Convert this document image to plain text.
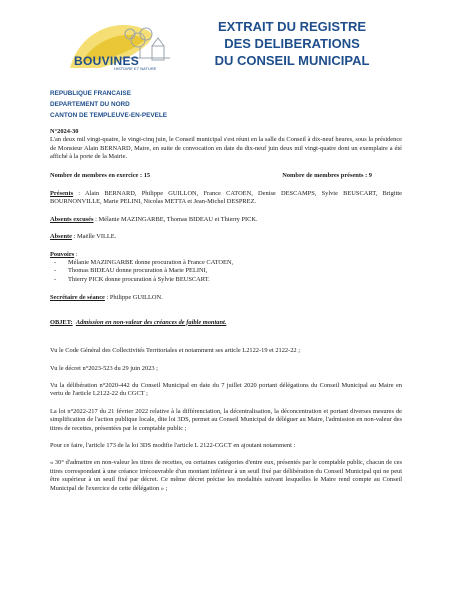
BOUVINES
HISTOIRE ET NATURE
EXTRAIT DU REGISTRE
DES DELIBERATIONS
DU CONSEIL MUNICIPAL
REPUBLIQUE FRANCAISE
DEPARTEMENT DU NORD
CANTON DE TEMPLEUVE-EN-PEVELE

N°2024-30

L'an deux mil vingt-quatre, le vingt-cinq juin, le Conseil municipal s'est réuni en la salle du Conseil à dix-neuf heures, sous la présidence de Monsieur Alain BERNARD, Maire, en suite de convocation en date du dix-neuf juin deux mil vingt-quatre dont un exemplaire a été affiché à la porte de la Mairie.

Nombre de membres en exercice : 15	Nombre de membres présents : 9

Présents : Alain BERNARD, Philippe GUILLON, France CATOEN, Denise DESCAMPS, Sylvie BEUSCART, Brigitte BOURNONVILLE, Marie PELINI, Nicolas METTA et Jean-Michel DESPREZ.

Absents excusés : Mélanie MAZINGARBE, Thomas BIDEAU et Thierry PICK.

Absente : Maëlle VILLE.

Pouvoirs :

- Mélanie MAZINGARBE donne procuration à France CATOEN,
- Thomas BIDEAU donne procuration à Marie PELINI,
- Thierry PICK donne procuration à Sylvie BEUSCART.

Secrétaire de séance : Philippe GUILLON.

OBJET: Admission en non-valeur des créances de faible montant.

Vu le Code Général des Collectivités Territoriales et notamment ses article L2122-19 et 2122-22 ;

Vu le décret n°2023-523 du 29 juin 2023 ;

Vu la délibération n°2020-442 du Conseil Municipal en date du 7 juillet 2020 portant délégations du Conseil Municipal au Maire en vertu de l'article L2122-22 du CGCT ;

La loi n°2022-217 du 21 février 2022 relative à la différenciation, la décentralisation, la déconcentration et portant diverses mesures de simplification de l'action publique locale, dite loi 3DS, permet au Conseil Municipal de déléguer au Maire, l'admission en non-valeur des titres de recettes, présentées par le comptable public ;

Pour ce faire, l'article 173 de la loi 3DS modifie l'article L 2122-CGCT en ajoutant notamment :

« 30° d'admettre en non-valeur les titres de recettes, ou certaines catégories d'entre eux, présentés par le comptable public, chacun de ces titres correspondant à une créance irrécouvrable d'un montant inférieur à un seuil fixé par délibération du Conseil Municipal qui ne peut être supérieur à un seuil fixé par décret. Ce même décret précise les modalités suivant lesquelles le Maire rend compte au Conseil Municipal de l'exercice de cette délégation » ;
